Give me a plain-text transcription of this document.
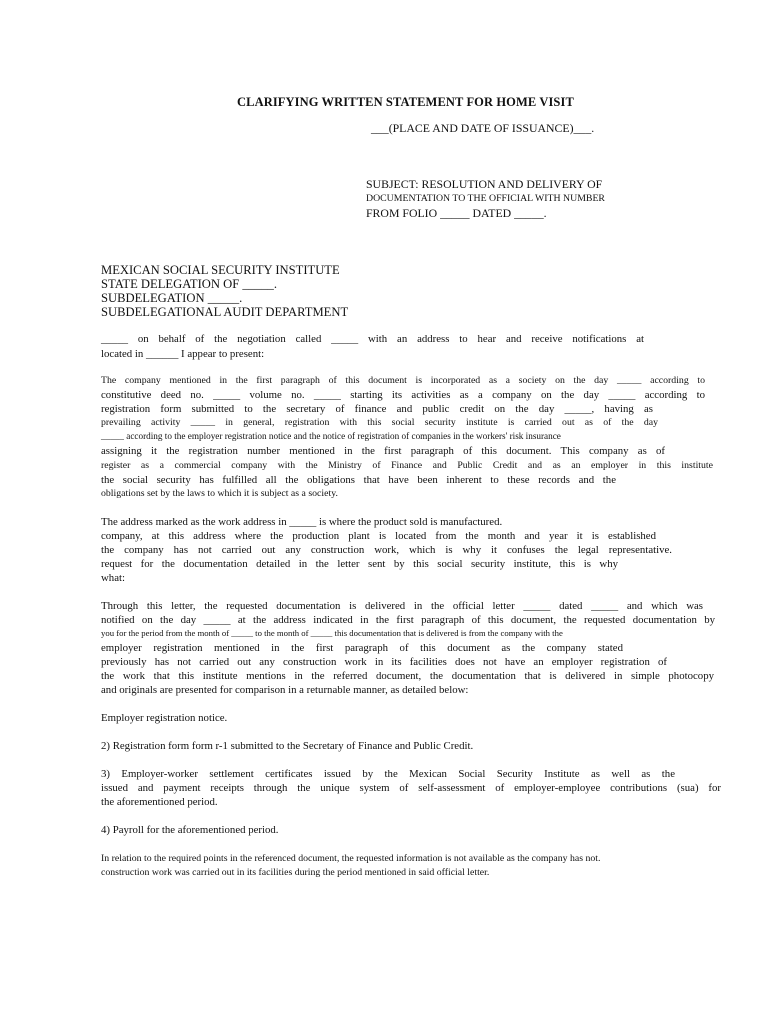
CLARIFYING WRITTEN STATEMENT FOR HOME VISIT
___(PLACE AND DATE OF ISSUANCE)___.
SUBJECT: RESOLUTION AND DELIVERY OF
DOCUMENTATION TO THE OFFICIAL WITH NUMBER
FROM FOLIO _____ DATED _____.
MEXICAN SOCIAL SECURITY INSTITUTE
STATE DELEGATION OF _____.
SUBDELEGATION _____.
SUBDELEGATIONAL AUDIT DEPARTMENT
_____ on behalf of the negotiation called _____ with an address to hear and receive notifications at
located in ______ I appear to present:
The company mentioned in the first paragraph of this document is incorporated as a society on the day _____ according to
constitutive deed no. _____ volume no. _____ starting its activities as a company on the day _____ according to
registration form submitted to the secretary of finance and public credit on the day _____, having as
prevailing activity _____ in general, registration with this social security institute is carried out as of the day
_____ according to the employer registration notice and the notice of registration of companies in the workers' risk insurance
assigning it the registration number mentioned in the first paragraph of this document. This company as of
register as a commercial company with the Ministry of Finance and Public Credit and as an employer in this institute
the social security has fulfilled all the obligations that have been inherent to these records and the
obligations set by the laws to which it is subject as a society.
The address marked as the work address in _____ is where the product sold is manufactured.
company, at this address where the production plant is located from the month and year it is established
the company has not carried out any construction work, which is why it confuses the legal representative.
request for the documentation detailed in the letter sent by this social security institute, this is why
what:
Through this letter, the requested documentation is delivered in the official letter _____ dated _____ and which was
notified on the day _____ at the address indicated in the first paragraph of this document, the requested documentation by
you for the period from the month of _____ to the month of _____ this documentation that is delivered is from the company with the
employer registration mentioned in the first paragraph of this document as the company stated
previously has not carried out any construction work in its facilities does not have an employer registration of
the work that this institute mentions in the referred document, the documentation that is delivered in simple photocopy
and originals are presented for comparison in a returnable manner, as detailed below:
Employer registration notice.
2) Registration form form r-1 submitted to the Secretary of Finance and Public Credit.
3) Employer-worker settlement certificates issued by the Mexican Social Security Institute as well as the
issued and payment receipts through the unique system of self-assessment of employer-employee contributions (sua) for
the aforementioned period.
4) Payroll for the aforementioned period.
In relation to the required points in the referenced document, the requested information is not available as the company has not.
construction work was carried out in its facilities during the period mentioned in said official letter.
